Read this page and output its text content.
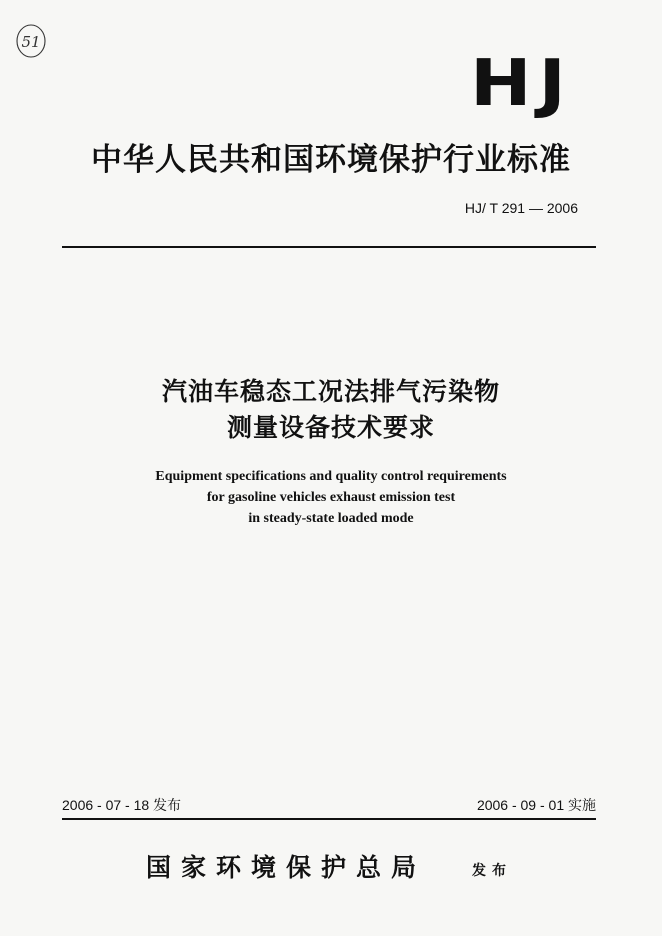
51
HJ
中华人民共和国环境保护行业标准
HJ/ T 291 — 2006
汽油车稳态工况法排气污染物
测量设备技术要求
Equipment specifications and quality control requirements
for gasoline vehicles exhaust emission test
in steady-state loaded mode
2006 - 07 - 18 发布	2006 - 09 - 01 实施
国家环境保护总局	发布
